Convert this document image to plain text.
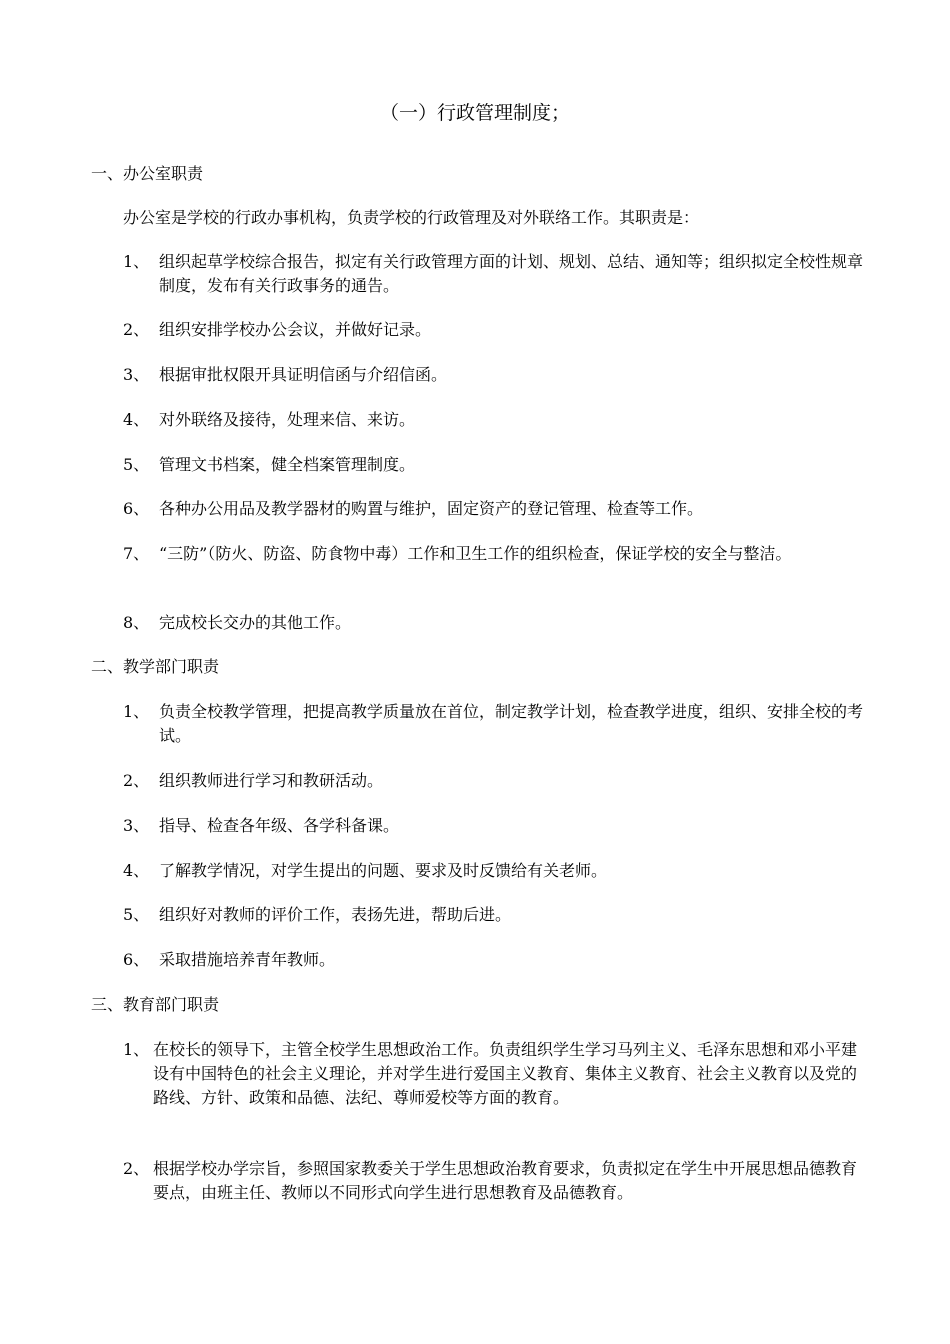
（一）行政管理制度；
一、办公室职责
办公室是学校的行政办事机构，负责学校的行政管理及对外联络工作。其职责是：
1、 组织起草学校综合报告，拟定有关行政管理方面的计划、规划、总结、通知等；组织拟定全校性规章制度，发布有关行政事务的通告。
2、 组织安排学校办公会议，并做好记录。
3、 根据审批权限开具证明信函与介绍信函。
4、 对外联络及接待，处理来信、来访。
5、 管理文书档案，健全档案管理制度。
6、 各种办公用品及教学器材的购置与维护，固定资产的登记管理、检查等工作。
7、 “三防”（防火、防盗、防食物中毒）工作和卫生工作的组织检查，保证学校的安全与整洁。
8、 完成校长交办的其他工作。
二、教学部门职责
1、 负责全校教学管理，把提高教学质量放在首位，制定教学计划，检查教学进度，组织、安排全校的考试。
2、 组织教师进行学习和教研活动。
3、 指导、检查各年级、各学科备课。
4、 了解教学情况，对学生提出的问题、要求及时反馈给有关老师。
5、 组织好对教师的评价工作，表扬先进，帮助后进。
6、 采取措施培养青年教师。
三、教育部门职责
1、 在校长的领导下，主管全校学生思想政治工作。负责组织学生学习马列主义、毛泽东思想和邓小平建设有中国特色的社会主义理论，并对学生进行爱国主义教育、集体主义教育、社会主义教育以及党的路线、方针、政策和品德、法纪、尊师爱校等方面的教育。
2、 根据学校办学宗旨，参照国家教委关于学生思想政治教育要求，负责拟定在学生中开展思想品德教育要点，由班主任、教师以不同形式向学生进行思想教育及品德教育。
